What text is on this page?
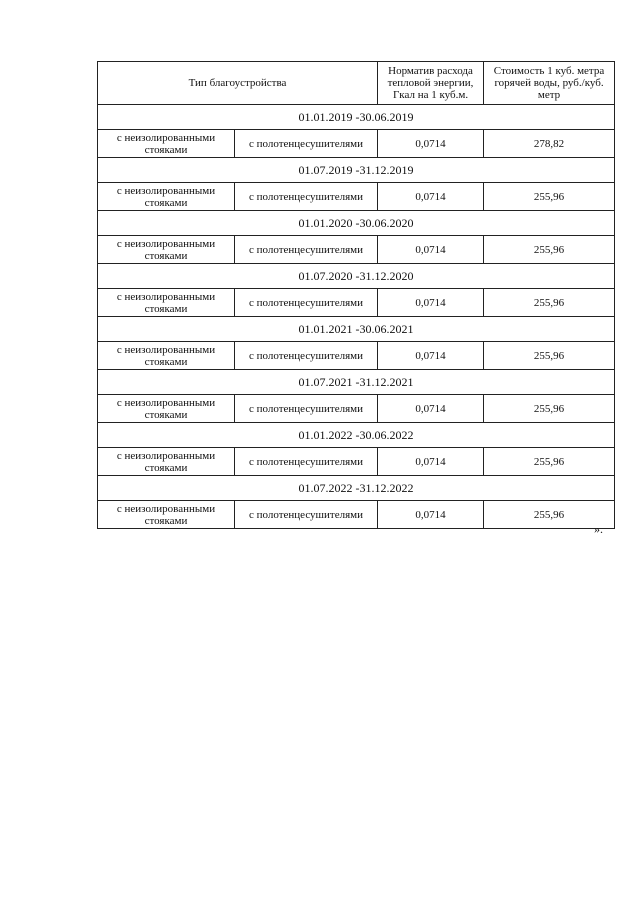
Тип благоустройства		Норматив расхода тепловой энергии, Гкал на 1 куб.м.	Стоимость 1 куб. метра горячей воды, руб./куб. метр
01.01.2019 -30.06.2019			
с неизолированными стояками	с полотенцесушителями	0,0714	278,82
01.07.2019 -31.12.2019			
с неизолированными стояками	с полотенцесушителями	0,0714	255,96
01.01.2020 -30.06.2020			
с неизолированными стояками	с полотенцесушителями	0,0714	255,96
01.07.2020 -31.12.2020			
с неизолированными стояками	с полотенцесушителями	0,0714	255,96
01.01.2021 -30.06.2021			
с неизолированными стояками	с полотенцесушителями	0,0714	255,96
01.07.2021 -31.12.2021			
с неизолированными стояками	с полотенцесушителями	0,0714	255,96
01.01.2022 -30.06.2022			
с неизолированными стояками	с полотенцесушителями	0,0714	255,96
01.07.2022 -31.12.2022			
с неизолированными стояками	с полотенцесушителями	0,0714	255,96
».
